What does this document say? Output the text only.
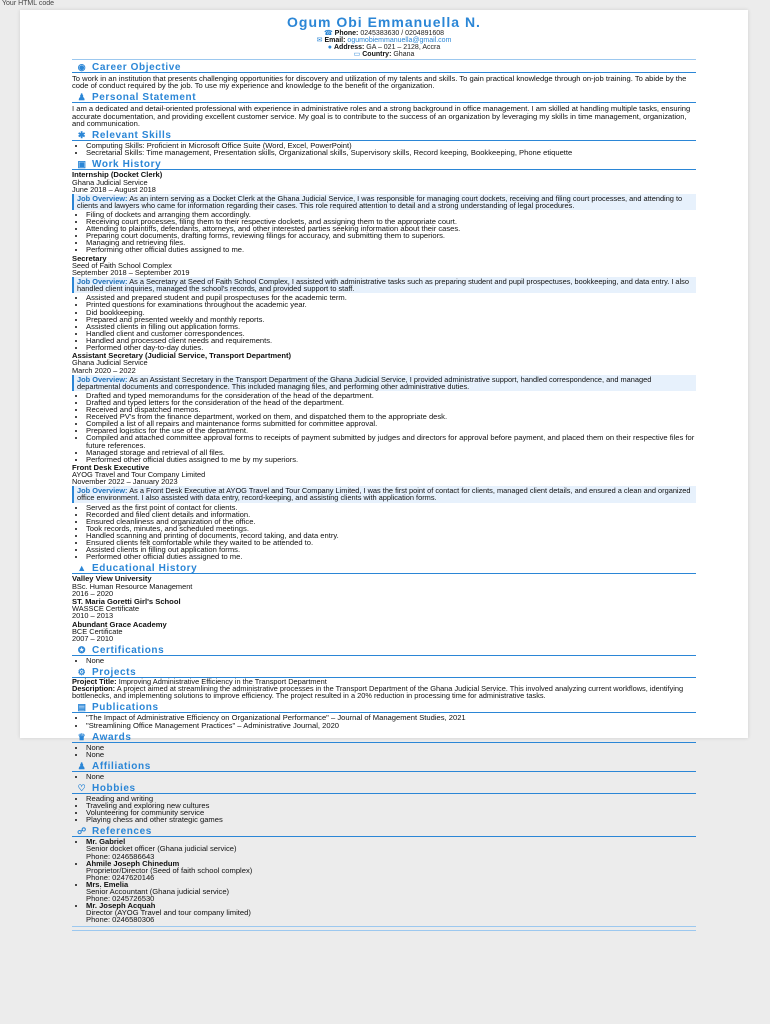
Your HTML code
Ogum Obi Emmanuella N.
☎ Phone: 0245383630 / 0204891608
✉ Email: ogumobiemmanuella@gmail.com
● Address: GA – 021 – 2128, Accra
▭ Country: Ghana
◉ Career Objective

To work in an institution that presents challenging opportunities for discovery and utilization of my talents and skills. To gain practical knowledge through on-job training. To abide by the code of conduct required by the job. To use my experience and knowledge to the benefit of the organization.

♟ Personal Statement

I am a dedicated and detail-oriented professional with experience in administrative roles and a strong background in office management. I am skilled at handling multiple tasks, ensuring accurate documentation, and providing excellent customer service. My goal is to contribute to the success of an organization by leveraging my skills in time management, organization, and communication.

✱ Relevant Skills
• Computing Skills: Proficient in Microsoft Office Suite (Word, Excel, PowerPoint)
• Secretarial Skills: Time management, Presentation skills, Organizational skills, Supervisory skills, Record keeping, Bookkeeping, Phone etiquette
▣ Work History
Internship (Docket Clerk)
Ghana Judicial Service
June 2018 – August 2018
Job Overview: As an intern serving as a Docket Clerk at the Ghana Judicial Service, I was responsible for managing court dockets, receiving and filing court processes, and attending to clients and lawyers who came for information regarding their cases. This role required attention to detail and a strong understanding of legal procedures.
• Filing of dockets and arranging them accordingly.
• Receiving court processes, filing them to their respective dockets, and assigning them to the appropriate court.
• Attending to plaintiffs, defendants, attorneys, and other interested parties seeking information about their cases.
• Preparing court documents, drafting forms, reviewing filings for accuracy, and submitting them to superiors.
• Managing and retrieving files.
• Performing other official duties assigned to me.
Secretary
Seed of Faith School Complex
September 2018 – September 2019
Job Overview: As a Secretary at Seed of Faith School Complex, I assisted with administrative tasks such as preparing student and pupil prospectuses, bookkeeping, and data entry. I also handled client inquiries, managed the school's records, and provided support to staff.
• Assisted and prepared student and pupil prospectuses for the academic term.
• Printed questions for examinations throughout the academic year.
• Did bookkeeping.
• Prepared and presented weekly and monthly reports.
• Assisted clients in filling out application forms.
• Handled client and customer correspondences.
• Handled and processed client needs and requirements.
• Performed other day-to-day duties.
Assistant Secretary (Judicial Service, Transport Department)
Ghana Judicial Service
March 2020 – 2022
Job Overview: As an Assistant Secretary in the Transport Department of the Ghana Judicial Service, I provided administrative support, handled correspondence, and managed departmental documents and correspondence. This included managing files, and performing other administrative duties.
• Drafted and typed memorandums for the consideration of the head of the department.
• Drafted and typed letters for the consideration of the head of the department.
• Received and dispatched memos.
• Received PV's from the finance department, worked on them, and dispatched them to the appropriate desk.
• Compiled a list of all repairs and maintenance forms submitted for committee approval.
• Prepared logistics for the use of the department.
• Compiled and attached committee approval forms to receipts of payment submitted by judges and directors for approval before payment, and placed them on their respective files for future references.
• Managed storage and retrieval of all files.
• Performed other official duties assigned to me by my superiors.
Front Desk Executive
AYOG Travel and Tour Company Limited
November 2022 – January 2023
Job Overview: As a Front Desk Executive at AYOG Travel and Tour Company Limited, I was the first point of contact for clients, managed client details, and ensured a clean and organized office environment. I also assisted with data entry, record-keeping, and assisting clients with application forms.
• Served as the first point of contact for clients.
• Recorded and filed client details and information.
• Ensured cleanliness and organization of the office.
• Took records, minutes, and scheduled meetings.
• Handled scanning and printing of documents, record taking, and data entry.
• Ensured clients felt comfortable while they waited to be attended to.
• Assisted clients in filling out application forms.
• Performed other official duties assigned to me.
▲ Educational History
Valley View University
BSc. Human Resource Management
2016 – 2020
ST. Maria Goretti Girl's School
WASSCE Certificate
2010 – 2013
Abundant Grace Academy
BCE Certificate
2007 – 2010
✪ Certifications
• None
⚙ Projects
Project Title: Improving Administrative Efficiency in the Transport Department
Description: A project aimed at streamlining the administrative processes in the Transport Department of the Ghana Judicial Service. This involved analyzing current workflows, identifying bottlenecks, and implementing solutions to improve efficiency. The project resulted in a 20% reduction in processing time for administrative tasks.
▤ Publications
• "The Impact of Administrative Efficiency on Organizational Performance" – Journal of Management Studies, 2021
• "Streamlining Office Management Practices" – Administrative Journal, 2020
♛ Awards
• None
• None
♟ Affiliations
• None
♡ Hobbies
• Reading and writing
• Traveling and exploring new cultures
• Volunteering for community service
• Playing chess and other strategic games
☍ References
• Mr. Gabriel
Senior docket officer (Ghana judicial service)
Phone: 0246586643
• Ahmile Joseph Chinedum
Proprietor/Director (Seed of faith school complex)
Phone: 0247620146
• Mrs. Emelia
Senior Accountant (Ghana judicial service)
Phone: 0245726530
• Mr. Joseph Acquah
Director (AYOG Travel and tour company limited)
Phone: 0246580306
